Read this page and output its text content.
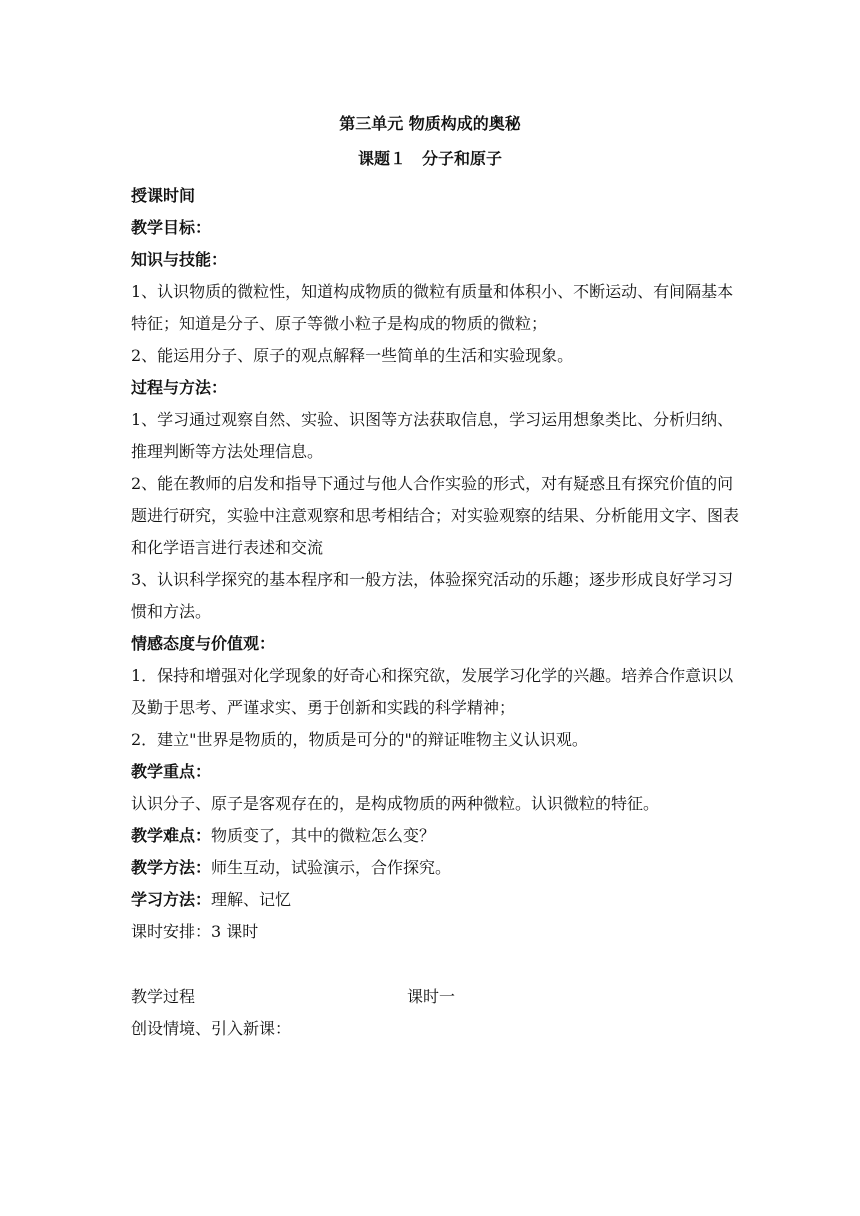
第三单元 物质构成的奥秘
课题１　分子和原子
授课时间
教学目标：
知识与技能：
1、认识物质的微粒性，知道构成物质的微粒有质量和体积小、不断运动、有间隔基本特征；知道是分子、原子等微小粒子是构成的物质的微粒；
2、能运用分子、原子的观点解释一些简单的生活和实验现象。
过程与方法：
1、学习通过观察自然、实验、识图等方法获取信息，学习运用想象类比、分析归纳、推理判断等方法处理信息。
2、能在教师的启发和指导下通过与他人合作实验的形式，对有疑惑且有探究价值的问题进行研究，实验中注意观察和思考相结合；对实验观察的结果、分析能用文字、图表和化学语言进行表述和交流
3、认识科学探究的基本程序和一般方法，体验探究活动的乐趣；逐步形成良好学习习惯和方法。
情感态度与价值观：
1．保持和增强对化学现象的好奇心和探究欲，发展学习化学的兴趣。培养合作意识以及勤于思考、严谨求实、勇于创新和实践的科学精神；
2．建立"世界是物质的，物质是可分的"的辩证唯物主义认识观。
教学重点：
认识分子、原子是客观存在的，是构成物质的两种微粒。认识微粒的特征。
教学难点：物质变了，其中的微粒怎么变？
教学方法：师生互动，试验演示，合作探究。
学习方法：理解、记忆
课时安排：3 课时
教学过程	课时一
创设情境、引入新课：
